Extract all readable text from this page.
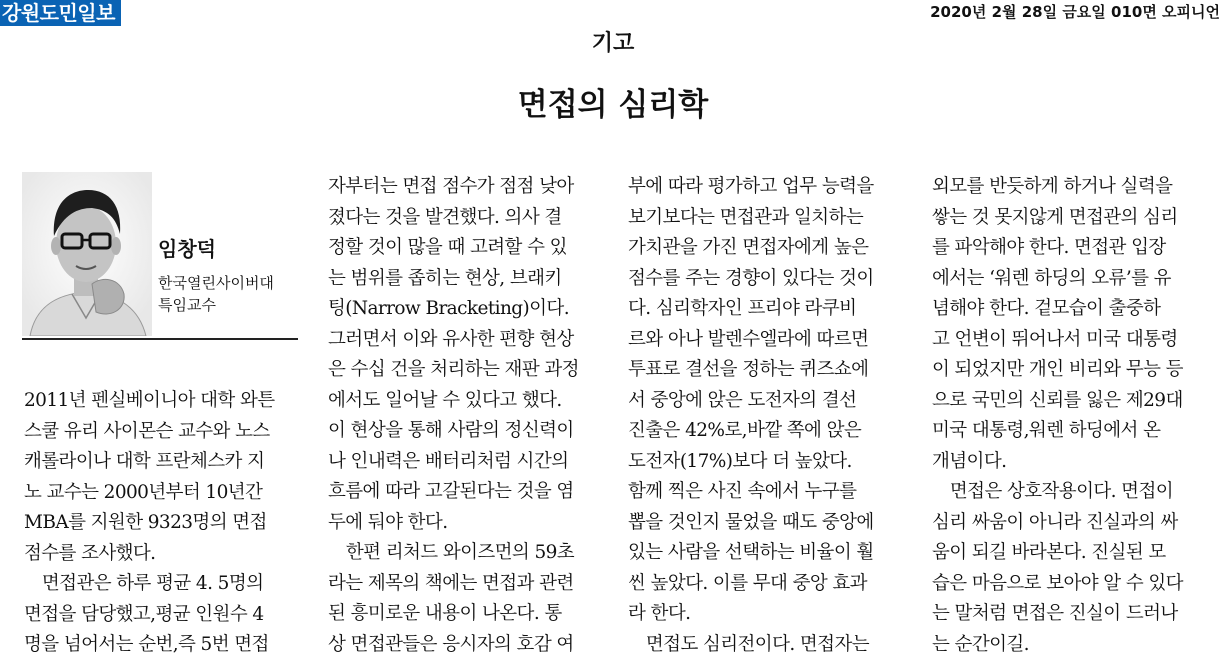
강원도민일보	2020년 2월 28일 금요일 010면 오피니언
기고
면접의 심리학
임창덕
한국열린사이버대
특임교수
2011년 펜실베이니아 대학 와튼
스쿨 유리 사이몬슨 교수와 노스
캐롤라이나 대학 프란체스카 지
노 교수는 2000년부터 10년간
MBA를 지원한 9323명의 면접
점수를 조사했다.
　면접관은 하루 평균 4. 5명의
면접을 담당했고,평균 인원수 4
명을 넘어서는 순번,즉 5번 면접
자부터는 면접 점수가 점점 낮아
졌다는 것을 발견했다. 의사 결
정할 것이 많을 때 고려할 수 있
는 범위를 좁히는 현상, 브래키
팅(Narrow Bracketing)이다.
그러면서 이와 유사한 편향 현상
은 수십 건을 처리하는 재판 과정
에서도 일어날 수 있다고 했다.
이 현상을 통해 사람의 정신력이
나 인내력은 배터리처럼 시간의
흐름에 따라 고갈된다는 것을 염
두에 둬야 한다.
　한편 리처드 와이즈먼의 59초
라는 제목의 책에는 면접과 관련
된 흥미로운 내용이 나온다. 통
상 면접관들은 응시자의 호감 여
부에 따라 평가하고 업무 능력을
보기보다는 면접관과 일치하는
가치관을 가진 면접자에게 높은
점수를 주는 경향이 있다는 것이
다. 심리학자인 프리야 라쿠비
르와 아나 발렌수엘라에 따르면
투표로 결선을 정하는 퀴즈쇼에
서 중앙에 앉은 도전자의 결선
진출은 42%로,바깥 쪽에 앉은
도전자(17%)보다 더 높았다.
함께 찍은 사진 속에서 누구를
뽑을 것인지 물었을 때도 중앙에
있는 사람을 선택하는 비율이 훨
씬 높았다. 이를 무대 중앙 효과
라 한다.
　면접도 심리전이다. 면접자는
외모를 반듯하게 하거나 실력을
쌓는 것 못지않게 면접관의 심리
를 파악해야 한다. 면접관 입장
에서는 ‘워렌 하딩의 오류’를 유
념해야 한다. 겉모습이 출중하
고 언변이 뛰어나서 미국 대통령
이 되었지만 개인 비리와 무능 등
으로 국민의 신뢰를 잃은 제29대
미국 대통령,워렌 하딩에서 온
개념이다.
　면접은 상호작용이다. 면접이
심리 싸움이 아니라 진실과의 싸
움이 되길 바라본다. 진실된 모
습은 마음으로 보아야 알 수 있다
는 말처럼 면접은 진실이 드러나
는 순간이길.
